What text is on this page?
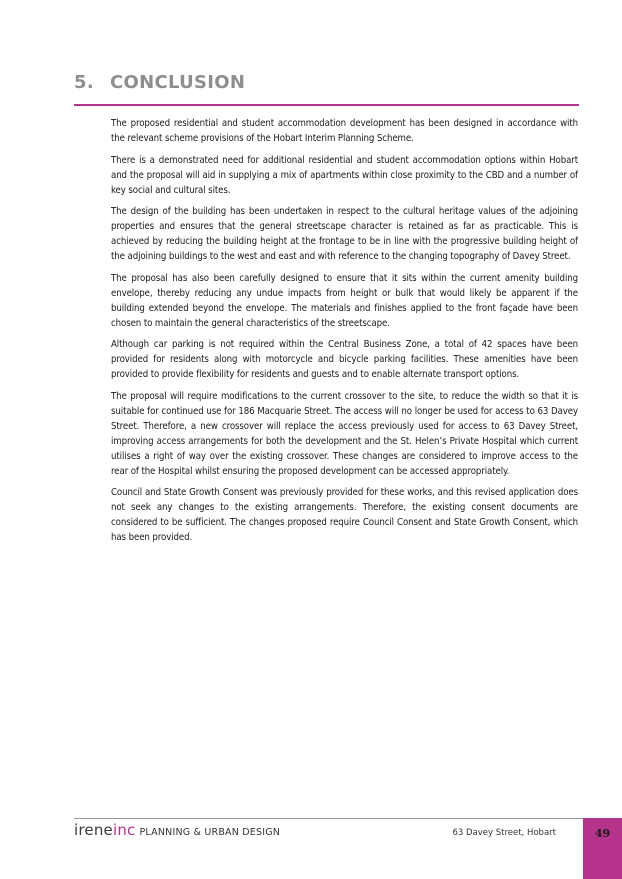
5. CONCLUSION

The proposed residential and student accommodation development has been designed in accordance with the relevant scheme provisions of the Hobart Interim Planning Scheme.

There is a demonstrated need for additional residential and student accommodation options within Hobart and the proposal will aid in supplying a mix of apartments within close proximity to the CBD and a number of key social and cultural sites.

The design of the building has been undertaken in respect to the cultural heritage values of the adjoining properties and ensures that the general streetscape character is retained as far as practicable. This is achieved by reducing the building height at the frontage to be in line with the progressive building height of the adjoining buildings to the west and east and with reference to the changing topography of Davey Street.

The proposal has also been carefully designed to ensure that it sits within the current amenity building envelope, thereby reducing any undue impacts from height or bulk that would likely be apparent if the building extended beyond the envelope. The materials and finishes applied to the front façade have been chosen to maintain the general characteristics of the streetscape.

Although car parking is not required within the Central Business Zone, a total of 42 spaces have been provided for residents along with motorcycle and bicycle parking facilities. These amenities have been provided to provide flexibility for residents and guests and to enable alternate transport options.

The proposal will require modifications to the current crossover to the site, to reduce the width so that it is suitable for continued use for 186 Macquarie Street. The access will no longer be used for access to 63 Davey Street. Therefore, a new crossover will replace the access previously used for access to 63 Davey Street, improving access arrangements for both the development and the St. Helen’s Private Hospital which current utilises a right of way over the existing crossover. These changes are considered to improve access to the rear of the Hospital whilst ensuring the proposed development can be accessed appropriately.

Council and State Growth Consent was previously provided for these works, and this revised application does not seek any changes to the existing arrangements. Therefore, the existing consent documents are considered to be sufficient. The changes proposed require Council Consent and State Growth Consent, which has been provided.

ireneinc PLANNING & URBAN DESIGN	63 Davey Street, Hobart	49
